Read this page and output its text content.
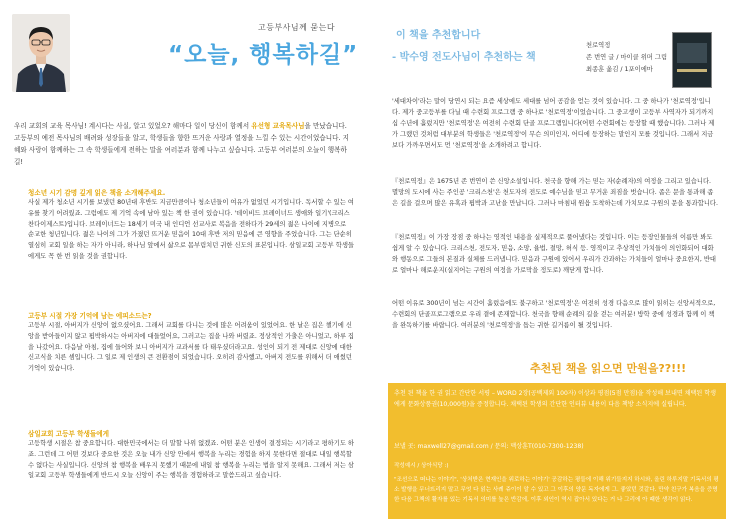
고등부사님께 묻는다
“오늘, 행복하길”
우리 교회의 교육 목사님! 계시다는 사실, 알고 있었오? 해마다 일이 당신이 함께서 유선형 교육목사님을 만났습니다. 고등부의 예전 목사님의 배려와 성장들을 알고, 학생들을 향한 뜨거운 사랑과 열정을 느낄 수 있는 시간이었습니다. 지혜와 사랑이 함께하는 그 속 학생들에게 전하는 말을 여러분과 함께 나누고 싶습니다. 고등부 여러분의 오늘이 행복하길!
청소년 시기 감명 깊게 읽은 책을 소개해주세요.
사실 제가 청소년 시기를 보냈던 80년대 후반도 지금만큼이나 청소년들이 여유가 없었던 시기입니다. 독서할 수 있는 여유를 찾기 어려웠죠. 그럼에도 제 기억 속에 남아 있는 책 한 권이 있습니다. '데이비드 브레이너드 생애와 일기'(크리스찬다이제스트)입니다. 브레이너드는 18세기 미국 내 인디언 선교사로 복음을 전하다가 29세의 젊은 나이에 지병으로 순교한 청년입니다. 젊은 나이의 그가 가졌던 뜨거운 믿음이 10대 후반 저의 믿음에 큰 영향을 주었습니다. 그는 단순히 열심히 교회 일을 하는 자가 아니라, 하나님 앞에서 삶으로 몸부림치던 귀한 신도의 표본입니다. 삼일교회 고등부 학생들에게도 꼭 한 번 읽을 것을 권합니다.
고등부 시절 가장 기억에 남는 에피소드는?
고등부 시절, 아버지가 신앙이 없으셨어요. 그래서 교회를 다니는 것에 많은 어려움이 있었어요. 한 날은 집은 챌기에 신앙을 받아들이지 않고 핍박하시는 아버지에 대들었어요, 그러고는 집을 나와 버렸죠. 정상적인 가출은 아니었고, 하루 집을 나갔어요. 다음날 아침, 집에 들어와 보니 아버지가 교과서를 다 태우셨더라고요. 성인이 되기 전 제대로 신앙에 대한 신고식을 치른 셈입니다. 그 일로 제 인생의 큰 전환점이 되었습니다. 오히려 감사했고, 아버지 전도를 위해서 더 애썼던 기억이 있습니다.
삼일교회 고등부 학생들에게
고등학생 시절은 참 중요합니다. 대한민국에서는 더 말할 나위 없겠죠. 어떤 분은 인생이 결정되는 시기라고 평하기도 하죠. 그런데 그 어떤 것보다 중요한 것은 오늘 내가 신앙 안에서 행복을 누리는 경험을 하지 못한다면 절대로 내일 행복할 수 없다는 사실입니다. 신앙의 참 행복을 배우지 못했기 때문에 내일 참 행복을 누리는 법을 알지 못해요. 그래서 저는 삼일교회 고등부 학생들에게 반드시 오늘 신앙이 주는 행복을 경험하라고 말씀드리고 싶습니다.
이 책을 추천합니다
- 박수영 전도사님이 추천하는 책
천로역정
존 번연 글 / 마이클 위머 그림
최종훈 옮김 / 1포이에마
'세대차이'라는 말이 당연시 되는 요즘 세상에도 세대를 넘어 공감을 얻는 것이 있습니다. 그 중 하나가 '천로역정'입니다. 제가 중고등부를 다닐 때 수련회 프로그램 중 하나로 '천로역정'이었습니다. 그 중고생이 고등부 사역자가 되기까지 십 수년에 흘렀지만 '천로역정'은 여전히 수련회 단골 프로그램입니다(어떤 수련회에는 등장할 때 했습니다). 그러나 제가 그랬던 것처럼 대부분의 학생들은 '천로역정'이 무슨 의미인지, 어디에 등장하는 말인지 모를 것입니다. 그래서 지금보다 가까우면서도 먼 '천로역정'을 소개하려고 합니다.
『천로역정』은 1675년 존 번연이 쓴 신앙소설입니다. 천국을 향해 가는 믿는 자(순례자)의 여정을 그리고 있습니다. 멸망의 도시에 사는 주인공 '크리스천'은 천도자의 전도로 예수님을 믿고 무거운 죄짐을 벗습니다. 좁은 문을 통과해 좁은 길을 걸으며 많은 유혹과 핍박과 고난을 만납니다. 그러나 마침내 원읍 도착하는데 가치모로 구원의 문을 통과합니다.
『천로역정』이 가장 장점 중 하나는 영적인 내용을 실제적으로 풀어냈다는 것입니다. 이는 등장인물들의 이름만 봐도 쉽게 알 수 있습니다. 크리스천, 전도자, 믿음, 소망, 율법, 절망, 허식 등. 영적이고 추상적인 가치들이 의인화되어 대화와 행동으로 그들의 본질과 실체를 드러냅니다. 믿음과 구원에 있어서 우리가 간과하는 가치들이 얼마나 중요한지, 반대로 얼마나 해로운지(실지어는 구원의 여정을 가로막을 정도로) 깨닫게 합니다.
어떤 이유로 300년이 넘는 시간이 흘렀음에도 불구하고 '천로역정'은 여전히 성경 다음으로 많이 읽히는 신앙서적으로, 수련회의 단골프로그램으로 우리 곁에 존재합니다. 천국을 향해 순례의 길을 걷는 여러분! 방학 중에 성경과 함께 이 책을 완독하기를 바랍니다. 여러분의 '천로역정'을 돕는 귀한 길거름이 될 것입니다.
추천된 책을 읽으면 만원을??!!!
추천 된 책을 한 권 읽고 간단한 서평 – WORD 2장(공백제외 100자) 이상과 평점(5점 만점)을 작성해 보내면 채택된 학생에게 문화상품권(10,000원)을 증정합니다. 채택된 학생의 간단한 인터뷰 내용이 다음 책방 소식지에 실립니다.
보낼 곳: maxwell27@gmail.com / 문의: 맥상훈T(010-7300-1238)
작성예시 / 상아식당 :)
"조선으로 떠나는 이야기", '상처받은 현재인을 위로하는 이야기' 공감하는 평들에 이해 위기들지지 하시와, 올린 하루지말 기독서의 평소 발행을 무너뜨리지 말고 무엇 다 읽는 사례 쥬이이 알 수 있고 그 이후의 양문 독자에게 그. 좋았던 것같다. 만약 친구가 복음을 증명한 다음 그책의 활자를 있는 기독서 의미를 높은 반감에, 이후 외인이 역시 잡아서 있다는 거 나 그리에 아 때한 생각이 읽다.
